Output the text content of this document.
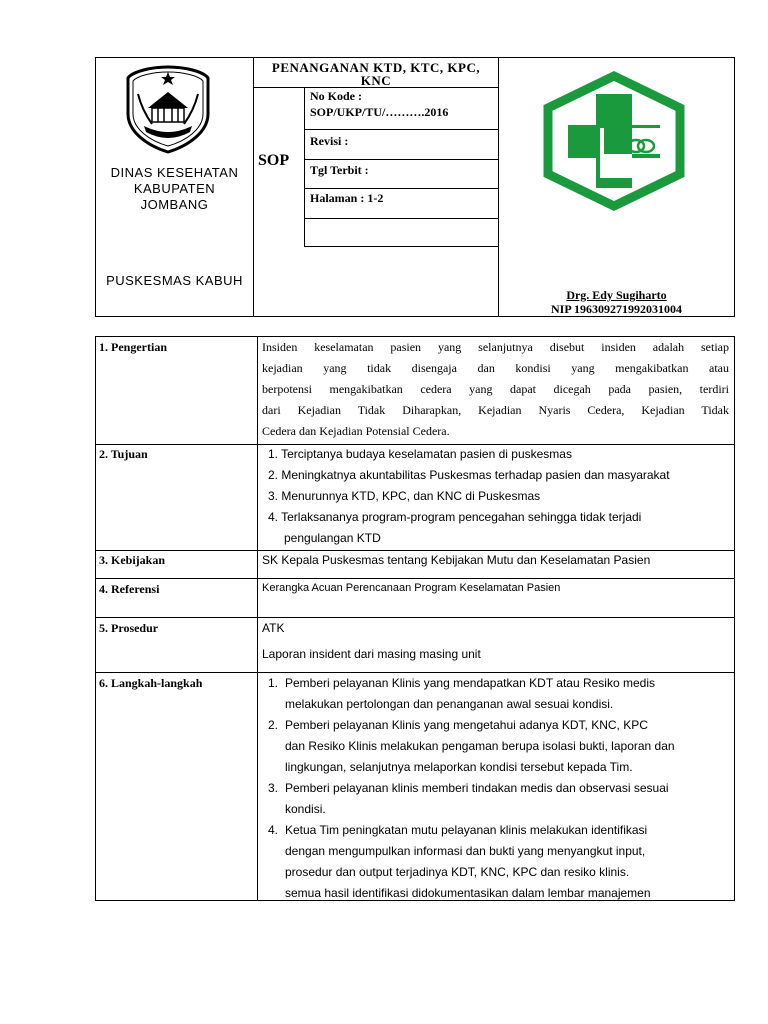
DINAS KESEHATAN
KABUPATEN
JOMBANG
PUSKESMAS KABUH
PENANGANAN KTD, KTC, KPC,
KNC
SOP
No Kode :
SOP/UKP/TU/……….2016
Revisi :
Tgl Terbit :
Halaman : 1-2
Drg. Edy Sugiharto
NIP 196309271992031004
1. Pengertian	Insiden keselamatan pasien yang selanjutnya disebut insiden adalah setiap
kejadian yang tidak disengaja dan kondisi yang mengakibatkan atau
berpotensi mengakibatkan cedera yang dapat dicegah pada pasien, terdiri
dari Kejadian Tidak Diharapkan, Kejadian Nyaris Cedera, Kejadian Tidak
Cedera dan Kejadian Potensial Cedera.
2. Tujuan	1. Terciptanya budaya keselamatan pasien di puskesmas
2. Meningkatnya akuntabilitas Puskesmas terhadap pasien dan masyarakat
3. Menurunnya KTD, KPC, dan KNC di Puskesmas
4. Terlaksananya program-program pencegahan sehingga tidak terjadi
pengulangan KTD
3. Kebijakan	SK Kepala Puskesmas tentang Kebijakan Mutu dan Keselamatan Pasien
4. Referensi	Kerangka Acuan Perencanaan Program Keselamatan Pasien
5. Prosedur	ATK
Laporan insident dari masing masing unit
6. Langkah-langkah	1. Pemberi pelayanan Klinis yang mendapatkan KDT atau Resiko medis
melakukan pertolongan dan penanganan awal sesuai kondisi.
2. Pemberi pelayanan Klinis yang mengetahui adanya KDT, KNC, KPC
dan Resiko Klinis melakukan pengaman berupa isolasi bukti, laporan dan
lingkungan, selanjutnya melaporkan kondisi tersebut kepada Tim.
3. Pemberi pelayanan klinis memberi tindakan medis dan observasi sesuai
kondisi.
4. Ketua Tim peningkatan mutu pelayanan klinis melakukan identifikasi
dengan mengumpulkan informasi dan bukti yang menyangkut input,
prosedur dan output terjadinya KDT, KNC, KPC dan resiko klinis.
semua hasil identifikasi didokumentasikan dalam lembar manajemen
